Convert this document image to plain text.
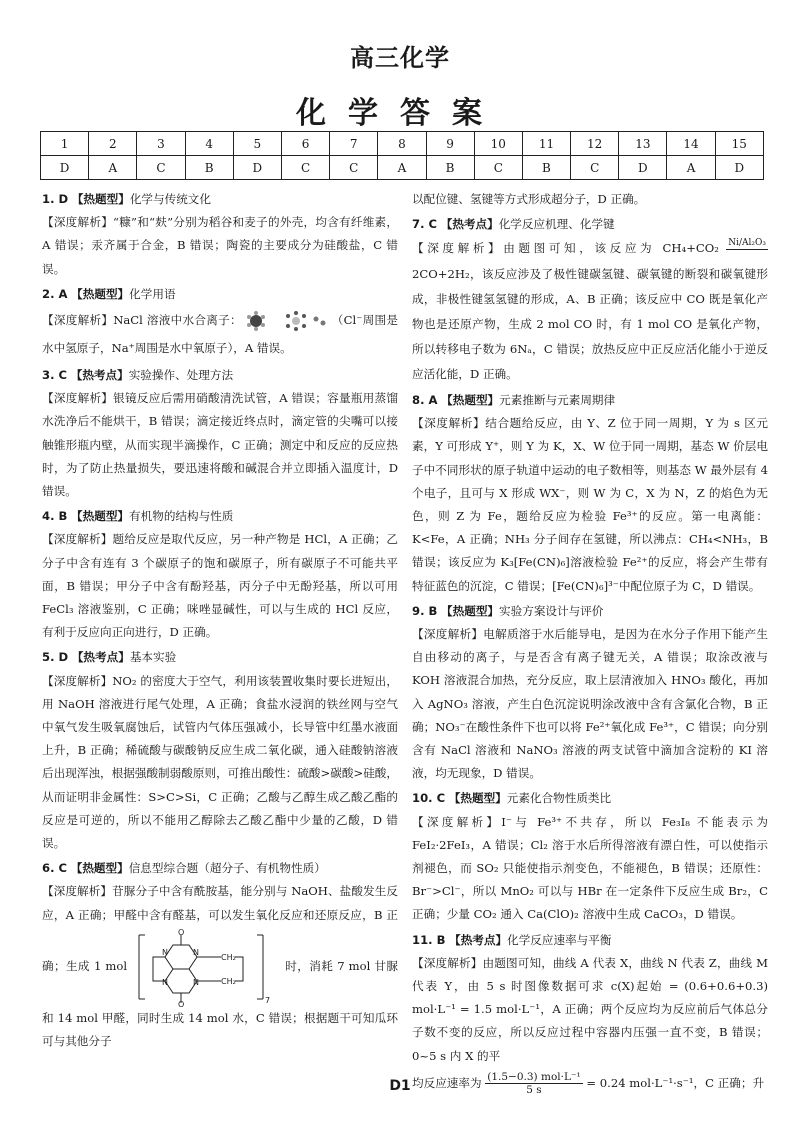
高三化学
化学答案
1	2	3	4	5	6	7	8	9	10	11	12	13	14	15
D	A	C	B	D	C	C	A	B	C	B	C	D	A	D
1. D 【热题型】化学与传统文化

【深度解析】“糠”和“麸”分别为稻谷和麦子的外壳，均含有纤维素，A 错误；汞齐属于合金，B 错误；陶瓷的主要成分为硅酸盐，C 错误。

2. A 【热题型】化学用语

【深度解析】NaCl 溶液中水合离子：	（Cl⁻周围是水中氢原子，Na⁺周围是水中氧原子），A 错误。

3. C 【热考点】实验操作、处理方法

【深度解析】银镜反应后需用硝酸清洗试管，A 错误；容量瓶用蒸馏水洗净后不能烘干，B 错误；滴定接近终点时，滴定管的尖嘴可以接触锥形瓶内壁，从而实现半滴操作，C 正确；测定中和反应的反应热时，为了防止热量损失，要迅速将酸和碱混合并立即插入温度计，D 错误。

4. B 【热题型】有机物的结构与性质

【深度解析】题给反应是取代反应，另一种产物是 HCl，A 正确；乙分子中含有连有 3 个碳原子的饱和碳原子，所有碳原子不可能共平面，B 错误；甲分子中含有酚羟基，丙分子中无酚羟基，所以可用 FeCl₃ 溶液鉴别，C 正确；咪唑显碱性，可以与生成的 HCl 反应，有利于反应向正向进行，D 正确。

5. D 【热考点】基本实验

【深度解析】NO₂ 的密度大于空气，利用该装置收集时要长进短出，用 NaOH 溶液进行尾气处理，A 正确；食盐水浸润的铁丝网与空气中氧气发生吸氧腐蚀后，试管内气体压强减小，长导管中红墨水液面上升，B 正确；稀硫酸与碳酸钠反应生成二氧化碳，通入硅酸钠溶液后出现浑浊，根据强酸制弱酸原则，可推出酸性：硫酸>碳酸>硅酸，从而证明非金属性：S>C>Si，C 正确；乙酸与乙醇生成乙酸乙酯的反应是可逆的，所以不能用乙醇除去乙酸乙酯中少量的乙酸，D 错误。

6. C 【热题型】信息型综合题（超分子、有机物性质）

【深度解析】苷脲分子中含有酰胺基，能分别与 NaOH、盐酸发生反应，A 正确；甲醛中含有醛基，可以发生氧化反应和还原反应，B 正确；生成 1 mol
O
O
N	N
N	N
CH₂
CH₂
7
时，消耗 7 mol 甘脲和 14 mol 甲醛，同时生成 14 mol 水，C 错误；根据题干可知瓜环可与其他分子

以配位键、氢键等方式形成超分子，D 正确。

7. C 【热考点】化学反应机理、化学键

【深度解析】由题图可知，该反应为 CH₄+CO₂ Ni/Al₂O₃

2CO+2H₂，该反应涉及了极性键碳氢键、碳氧键的断裂和碳氧键形成，非极性键氢氢键的形成，A、B 正确；该反应中 CO 既是氧化产物也是还原产物，生成 2 mol CO 时，有 1 mol CO 是氧化产物，所以转移电子数为 6Nₐ，C 错误；放热反应中正反应活化能小于逆反应活化能，D 正确。

8. A 【热题型】元素推断与元素周期律

【深度解析】结合题给反应，由 Y、Z 位于同一周期，Y 为 s 区元素，Y 可形成 Y⁺，则 Y 为 K，X、W 位于同一周期，基态 W 价层电子中不同形状的原子轨道中运动的电子数相等，则基态 W 最外层有 4 个电子，且可与 X 形成 WX⁻，则 W 为 C，X 为 N，Z 的焰色为无色，则 Z 为 Fe，题给反应为检验 Fe³⁺的反应。第一电离能：K<Fe，A 正确；NH₃ 分子间存在氢键，所以沸点：CH₄<NH₃，B 错误；该反应为 K₃[Fe(CN)₆]溶液检验 Fe²⁺的反应，将会产生带有特征蓝色的沉淀，C 错误；[Fe(CN)₆]³⁻中配位原子为 C，D 错误。

9. B 【热题型】实验方案设计与评价

【深度解析】电解质溶于水后能导电，是因为在水分子作用下能产生自由移动的离子，与是否含有离子键无关，A 错误；取涂改液与 KOH 溶液混合加热，充分反应，取上层清液加入 HNO₃ 酸化，再加入 AgNO₃ 溶液，产生白色沉淀说明涂改液中含有含氯化合物，B 正确；NO₃⁻在酸性条件下也可以将 Fe²⁺氧化成 Fe³⁺，C 错误；向分别含有 NaCl 溶液和 NaNO₃ 溶液的两支试管中滴加含淀粉的 KI 溶液，均无现象，D 错误。

10. C 【热题型】元素化合物性质类比

【深度解析】I⁻与 Fe³⁺不共存，所以 Fe₃I₈ 不能表示为 FeI₂·2FeI₃，A 错误；Cl₂ 溶于水后所得溶液有漂白性，可以使指示剂褪色，而 SO₂ 只能使指示剂变色，不能褪色，B 错误；还原性：Br⁻>Cl⁻，所以 MnO₂ 可以与 HBr 在一定条件下反应生成 Br₂，C 正确；少量 CO₂ 通入 Ca(ClO)₂ 溶液中生成 CaCO₃，D 错误。

11. B 【热考点】化学反应速率与平衡

【深度解析】由题图可知，曲线 A 代表 X，曲线 N 代表 Z，曲线 M 代表 Y，由 5 s 时图像数据可求 c(X)起始 = (0.6+0.6+0.3) mol·L⁻¹ = 1.5 mol·L⁻¹，A 正确；两个反应均为反应前后气体总分子数不变的反应，所以反应过程中容器内压强一直不变，B 错误；0~5 s 内 X 的平

均反应速率为 $\frac{\text{(1.5−0.3) mol·L⁻¹}}{5 s} = 0.24$ mol·L⁻¹·s⁻¹，C 正确；升

D1
